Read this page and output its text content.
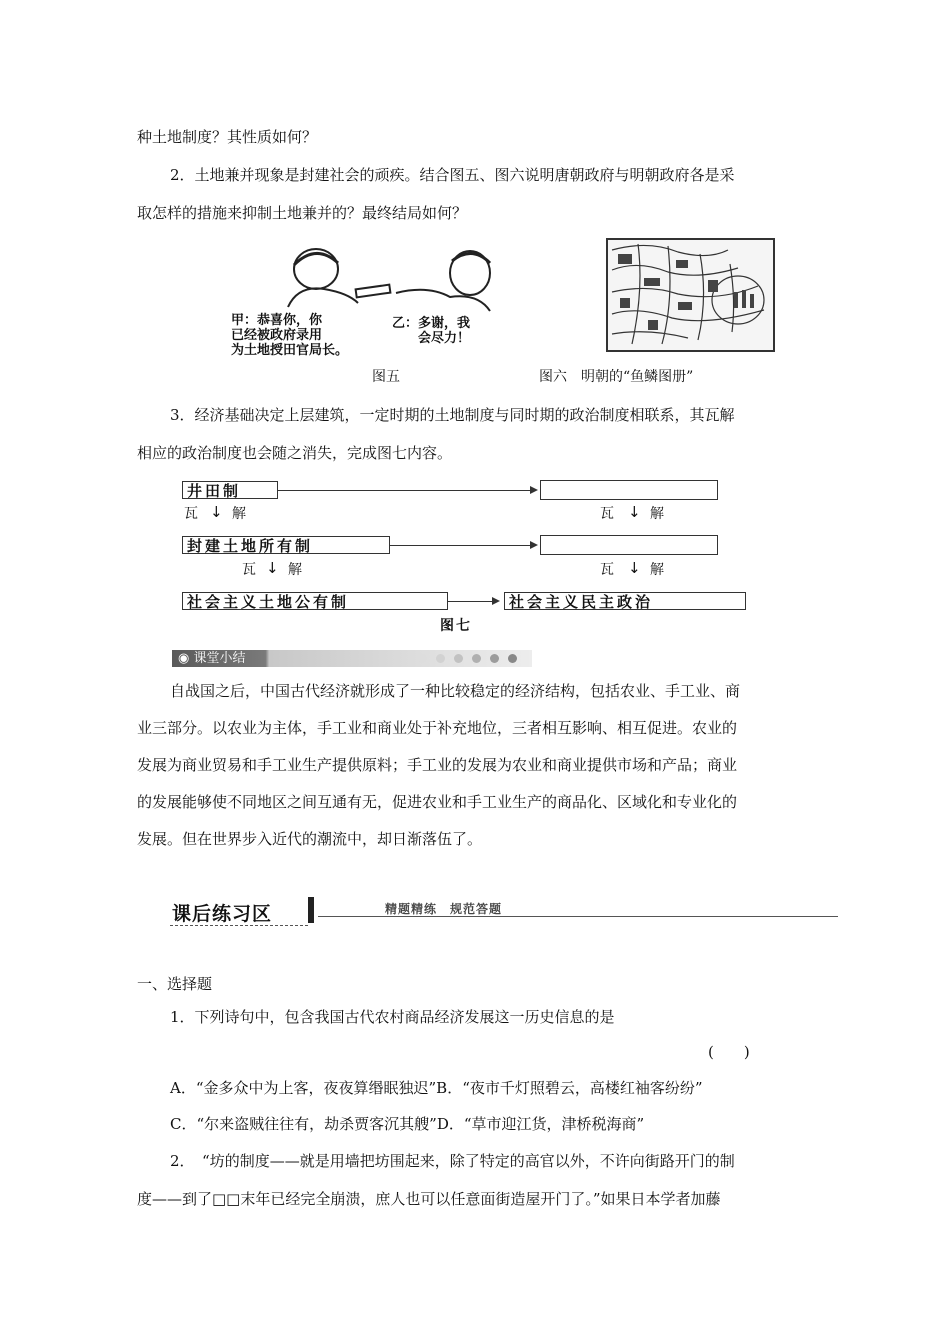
种土地制度？其性质如何？
2．土地兼并现象是封建社会的顽疾。结合图五、图六说明唐朝政府与明朝政府各是采
取怎样的措施来抑制土地兼并的？最终结局如何？
甲：恭喜你，你
已经被政府录用
为土地授田官局长。
乙：多谢，我
会尽力！
图五	图六　明朝的“鱼鳞图册”
3．经济基础决定上层建筑，一定时期的土地制度与同时期的政治制度相联系，其瓦解
相应的政治制度也会随之消失，完成图七内容。
井田制
瓦 ↓ 解	瓦 ↓ 解
封建土地所有制
瓦 ↓ 解	瓦 ↓ 解
社会主义土地公有制	社会主义民主政治
图七
◉ 课堂小结
自战国之后，中国古代经济就形成了一种比较稳定的经济结构，包括农业、手工业、商
业三部分。以农业为主体，手工业和商业处于补充地位，三者相互影响、相互促进。农业的
发展为商业贸易和手工业生产提供原料；手工业的发展为农业和商业提供市场和产品；商业
的发展能够使不同地区之间互通有无，促进农业和手工业生产的商品化、区域化和专业化的
发展。但在世界步入近代的潮流中，却日渐落伍了。
课后练习区	精题精练　规范答题
一、选择题
1．下列诗句中，包含我国古代农村商品经济发展这一历史信息的是
(　　)
A．“金多众中为上客，夜夜算缗眠独迟”B．“夜市千灯照碧云，高楼红袖客纷纷”
C．“尔来盗贼往往有，劫杀贾客沉其艘”D．“草市迎江货，津桥税海商”
2．　“坊的制度——就是用墙把坊围起来，除了特定的高官以外，不许向街路开门的制
度——到了□□末年已经完全崩溃，庶人也可以任意面街造屋开门了。”如果日本学者加藤
